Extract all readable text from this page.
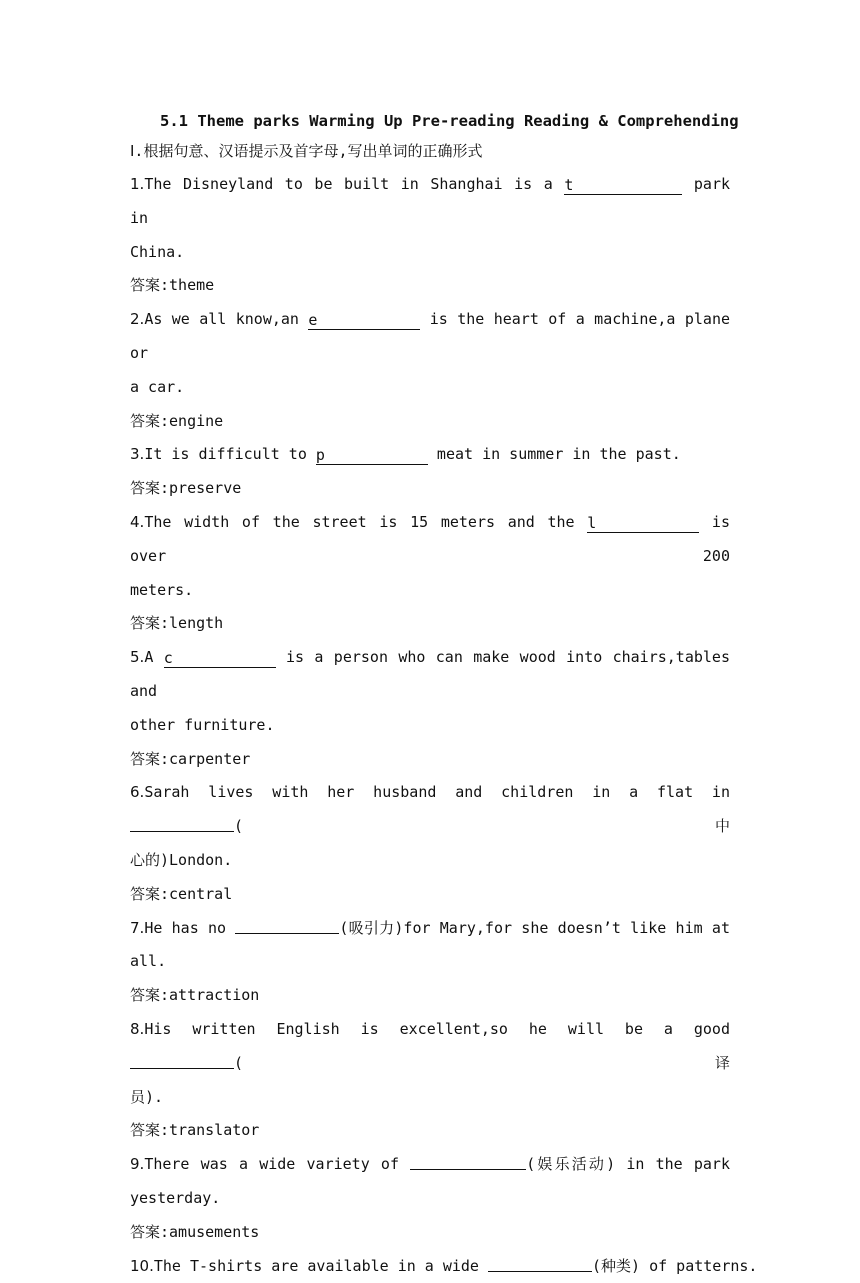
5.1 Theme parks Warming Up Pre-reading Reading & Comprehending
Ⅰ.根据句意、汉语提示及首字母,写出单词的正确形式
1.The Disneyland to be built in Shanghai is a t	park in
China.
答案:theme
2.As we all know,an e	is the heart of a machine,a plane or
a car.
答案:engine
3.It is difficult to p	meat in summer in the past.
答案:preserve
4.The width of the street is 15 meters and the l	is over 200
meters.
答案:length
5.A c	is a person who can make wood into chairs,tables and
other furniture.
答案:carpenter
6.Sarah lives with her husband and children in a flat in (中
心的)London.
答案:central
7.He has no	(吸引力)for Mary,for she doesn’t like him at
all.
答案:attraction
8.His written English is excellent,so he will be a good (译
员).
答案:translator
9.There was a wide variety of	(娱乐活动) in the park
yesterday.
答案:amusements
10.The T-shirts are available in a wide	(种类) of patterns.
